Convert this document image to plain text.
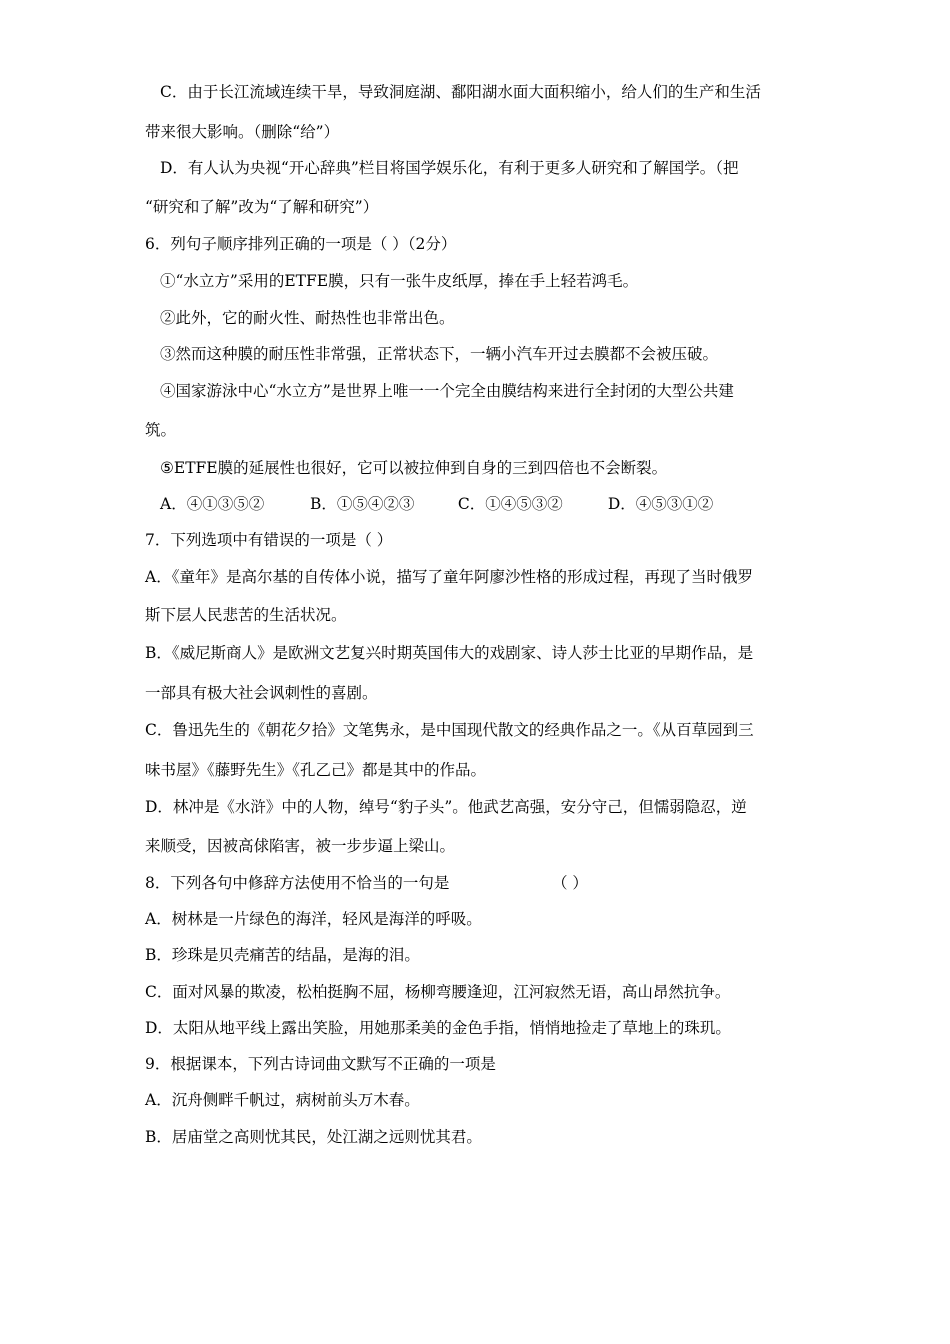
C．由于长江流域连续干旱，导致洞庭湖、鄱阳湖水面大面积缩小，给人们的生产和生活
带来很大影响。（删除“给”）
D．有人认为央视“开心辞典”栏目将国学娱乐化，有利于更多人研究和了解国学。（把
“研究和了解”改为“了解和研究”）
6．列句子顺序排列正确的一项是（ ）（2分）
①“水立方”采用的ETFE膜，只有一张牛皮纸厚，捧在手上轻若鸿毛。
②此外，它的耐火性、耐热性也非常出色。
③然而这种膜的耐压性非常强，正常状态下，一辆小汽车开过去膜都不会被压破。
④国家游泳中心“水立方”是世界上唯一一个完全由膜结构来进行全封闭的大型公共建
筑。
⑤ETFE膜的延展性也很好，它可以被拉伸到自身的三到四倍也不会断裂。
A．④①③⑤②	B．①⑤④②③	C．①④⑤③②	D．④⑤③①②
7．下列选项中有错误的一项是（ ）
A．《童年》是高尔基的自传体小说，描写了童年阿廖沙性格的形成过程，再现了当时俄罗
斯下层人民悲苦的生活状况。
B．《威尼斯商人》是欧洲文艺复兴时期英国伟大的戏剧家、诗人莎士比亚的早期作品，是
一部具有极大社会讽刺性的喜剧。
C．鲁迅先生的《朝花夕拾》文笔隽永，是中国现代散文的经典作品之一。《从百草园到三
味书屋》《藤野先生》《孔乙己》都是其中的作品。
D．林冲是《水浒》中的人物，绰号“豹子头”。他武艺高强，安分守己，但懦弱隐忍，逆
来顺受，因被高俅陷害，被一步步逼上梁山。
8．下列各句中修辞方法使用不恰当的一句是	（ ）
A．树林是一片绿色的海洋，轻风是海洋的呼吸。
B．珍珠是贝壳痛苦的结晶，是海的泪。
C．面对风暴的欺凌，松柏挺胸不屈，杨柳弯腰逢迎，江河寂然无语，高山昂然抗争。
D．太阳从地平线上露出笑脸，用她那柔美的金色手指，悄悄地捡走了草地上的珠玑。
9．根据课本，下列古诗词曲文默写不正确的一项是
A．沉舟侧畔千帆过，病树前头万木春。
B．居庙堂之高则忧其民，处江湖之远则忧其君。
